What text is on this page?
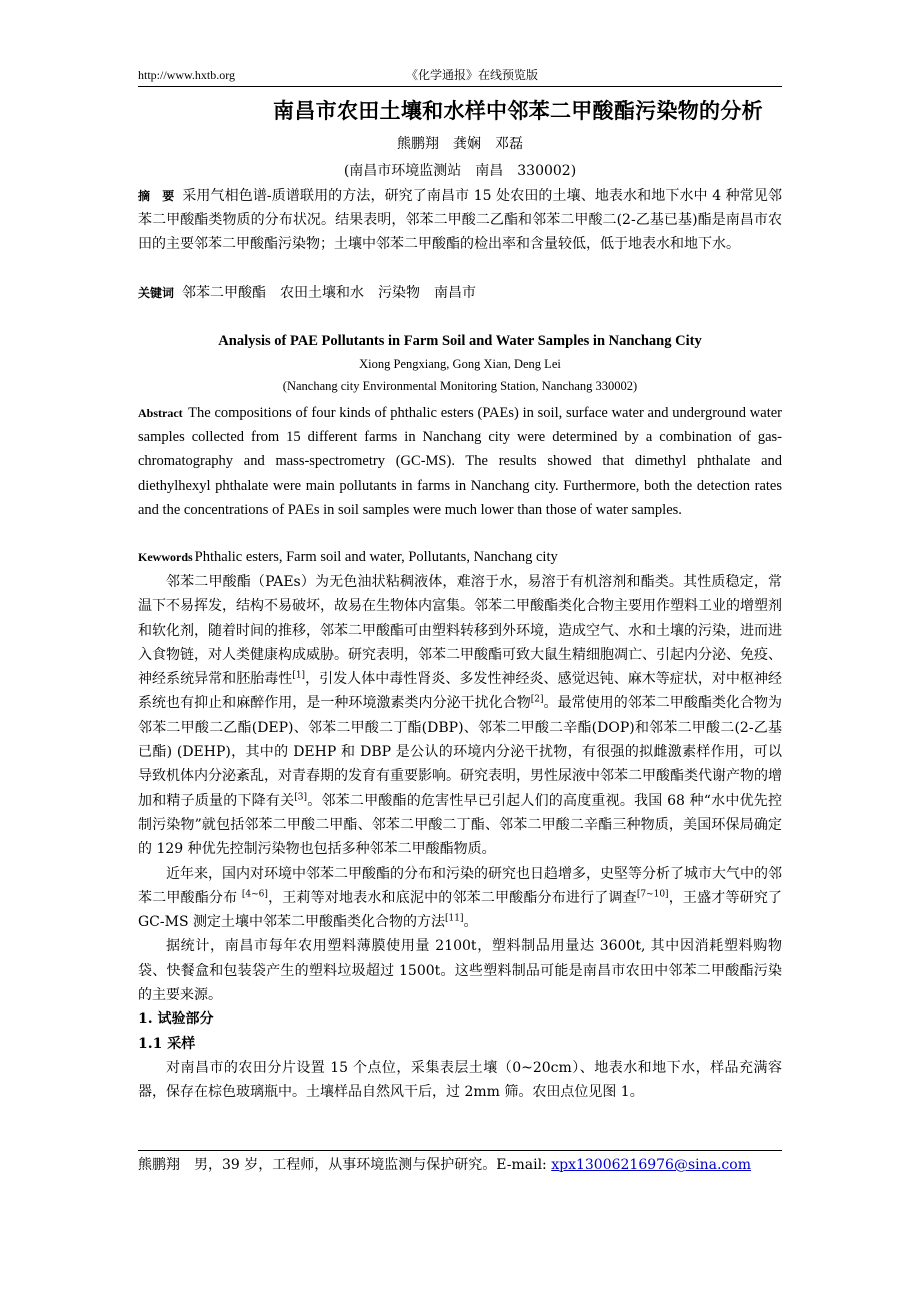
http://www.hxtb.org	《化学通报》在线预览版
南昌市农田土壤和水样中邻苯二甲酸酯污染物的分析
熊鹏翔　龚娴　邓磊
(南昌市环境监测站　南昌　330002)
摘　要 采用气相色谱-质谱联用的方法，研究了南昌市 15 处农田的土壤、地表水和地下水中 4 种常见邻苯二甲酸酯类物质的分布状况。结果表明，邻苯二甲酸二乙酯和邻苯二甲酸二(2-乙基已基)酯是南昌市农田的主要邻苯二甲酸酯污染物；土壤中邻苯二甲酸酯的检出率和含量较低，低于地表水和地下水。
关键词 邻苯二甲酸酯　农田土壤和水　污染物　南昌市
Analysis of PAE Pollutants in Farm Soil and Water Samples in Nanchang City
Xiong Pengxiang, Gong Xian, Deng Lei
(Nanchang city Environmental Monitoring Station, Nanchang 330002)
Abstract The compositions of four kinds of phthalic esters (PAEs) in soil, surface water and underground water samples collected from 15 different farms in Nanchang city were determined by a combination of gas-chromatography and mass-spectrometry (GC-MS). The results showed that dimethyl phthalate and diethylhexyl phthalate were main pollutants in farms in Nanchang city. Furthermore, both the detection rates and the concentrations of PAEs in soil samples were much lower than those of water samples.
Kewwords Phthalic esters, Farm soil and water, Pollutants, Nanchang city

邻苯二甲酸酯（PAEs）为无色油状粘稠液体，难溶于水，易溶于有机溶剂和酯类。其性质稳定，常温下不易挥发，结构不易破坏，故易在生物体内富集。邻苯二甲酸酯类化合物主要用作塑料工业的增塑剂和软化剂，随着时间的推移，邻苯二甲酸酯可由塑料转移到外环境，造成空气、水和土壤的污染，进而进入食物链，对人类健康构成威胁。研究表明，邻苯二甲酸酯可致大鼠生精细胞凋亡、引起内分泌、免疫、神经系统异常和胚胎毒性[1]，引发人体中毒性肾炎、多发性神经炎、感觉迟钝、麻木等症状，对中枢神经系统也有抑止和麻醉作用，是一种环境激素类内分泌干扰化合物[2]。最常使用的邻苯二甲酸酯类化合物为邻苯二甲酸二乙酯(DEP)、邻苯二甲酸二丁酯(DBP)、邻苯二甲酸二辛酯(DOP)和邻苯二甲酸二(2-乙基已酯) (DEHP)，其中的 DEHP 和 DBP 是公认的环境内分泌干扰物，有很强的拟雌激素样作用，可以导致机体内分泌紊乱，对青春期的发育有重要影响。研究表明，男性尿液中邻苯二甲酸酯类代谢产物的增加和精子质量的下降有关[3]。邻苯二甲酸酯的危害性早已引起人们的高度重视。我国 68 种“水中优先控制污染物”就包括邻苯二甲酸二甲酯、邻苯二甲酸二丁酯、邻苯二甲酸二辛酯三种物质，美国环保局确定的 129 种优先控制污染物也包括多种邻苯二甲酸酯物质。

近年来，国内对环境中邻苯二甲酸酯的分布和污染的研究也日趋增多，史堅等分析了城市大气中的邻苯二甲酸酯分布 [4~6]，王莉等对地表水和底泥中的邻苯二甲酸酯分布进行了调查[7~10]，王盛才等研究了 GC-MS 测定土壤中邻苯二甲酸酯类化合物的方法[11]。

据统计，南昌市每年农用塑料薄膜使用量 2100t，塑料制品用量达 3600t, 其中因消耗塑料购物袋、快餐盒和包装袋产生的塑料垃圾超过 1500t。这些塑料制品可能是南昌市农田中邻苯二甲酸酯污染的主要来源。

1. 试验部分

1.1 采样

对南昌市的农田分片设置 15 个点位，采集表层土壤（0~20cm）、地表水和地下水，样品充满容器，保存在棕色玻璃瓶中。土壤样品自然风干后，过 2mm 筛。农田点位见图 1。

熊鹏翔　男，39 岁，工程师，从事环境监测与保护研究。E-mail: xpx13006216976@sina.com
